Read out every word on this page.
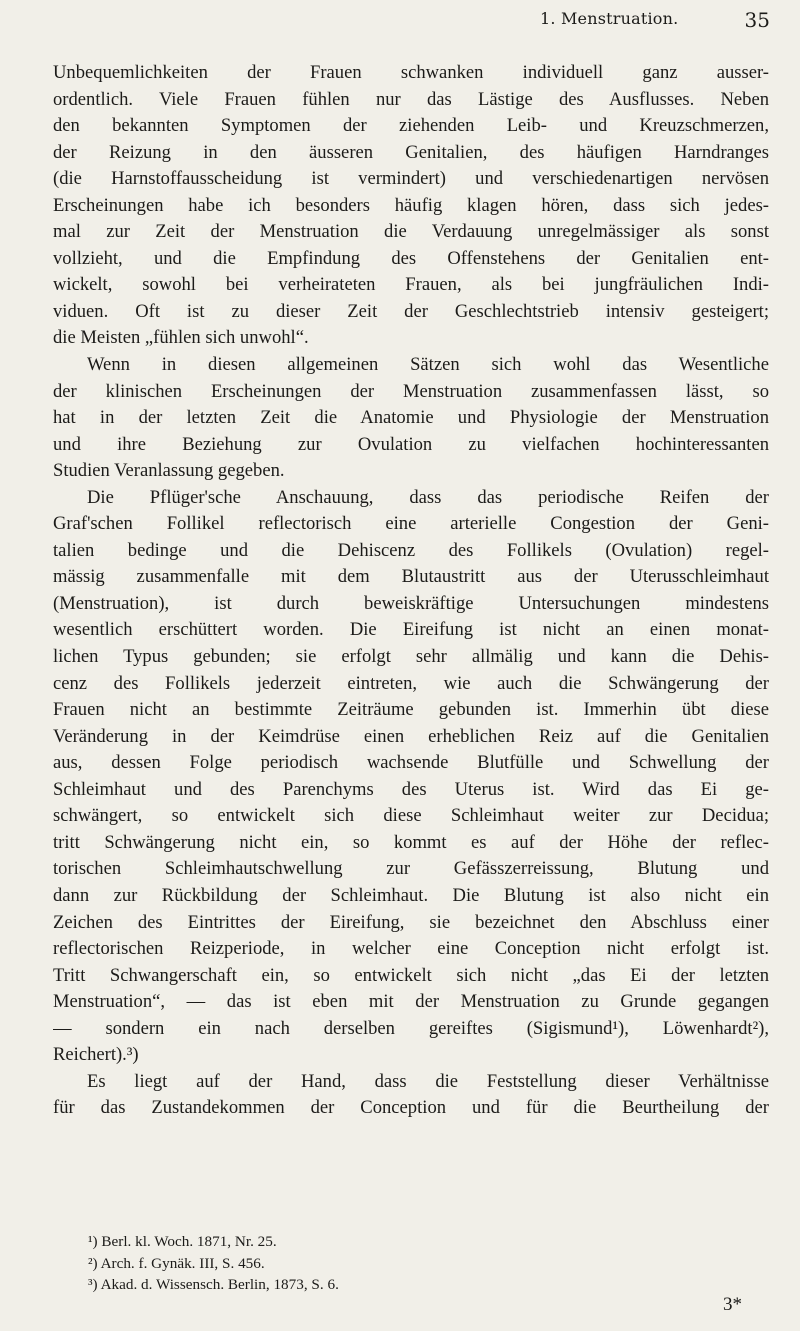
1. Menstruation.	35
Unbequemlichkeiten der Frauen schwanken individuell ganz ausser-
ordentlich. Viele Frauen fühlen nur das Lästige des Ausflusses. Neben
den bekannten Symptomen der ziehenden Leib- und Kreuzschmerzen,
der Reizung in den äusseren Genitalien, des häufigen Harndranges
(die Harnstoffausscheidung ist vermindert) und verschiedenartigen nervösen
Erscheinungen habe ich besonders häufig klagen hören, dass sich jedes-
mal zur Zeit der Menstruation die Verdauung unregelmässiger als sonst
vollzieht, und die Empfindung des Offenstehens der Genitalien ent-
wickelt, sowohl bei verheirateten Frauen, als bei jungfräulichen Indi-
viduen. Oft ist zu dieser Zeit der Geschlechtstrieb intensiv gesteigert;
die Meisten „fühlen sich unwohl“.
Wenn in diesen allgemeinen Sätzen sich wohl das Wesentliche
der klinischen Erscheinungen der Menstruation zusammenfassen lässt, so
hat in der letzten Zeit die Anatomie und Physiologie der Menstruation
und ihre Beziehung zur Ovulation zu vielfachen hochinteressanten
Studien Veranlassung gegeben.
Die Pflüger'sche Anschauung, dass das periodische Reifen der
Graf'schen Follikel reflectorisch eine arterielle Congestion der Geni-
talien bedinge und die Dehiscenz des Follikels (Ovulation) regel-
mässig zusammenfalle mit dem Blutaustritt aus der Uterusschleimhaut
(Menstruation), ist durch beweiskräftige Untersuchungen mindestens
wesentlich erschüttert worden. Die Eireifung ist nicht an einen monat-
lichen Typus gebunden; sie erfolgt sehr allmälig und kann die Dehis-
cenz des Follikels jederzeit eintreten, wie auch die Schwängerung der
Frauen nicht an bestimmte Zeiträume gebunden ist. Immerhin übt diese
Veränderung in der Keimdrüse einen erheblichen Reiz auf die Genitalien
aus, dessen Folge periodisch wachsende Blutfülle und Schwellung der
Schleimhaut und des Parenchyms des Uterus ist. Wird das Ei ge-
schwängert, so entwickelt sich diese Schleimhaut weiter zur Decidua;
tritt Schwängerung nicht ein, so kommt es auf der Höhe der reflec-
torischen Schleimhautschwellung zur Gefässzerreissung, Blutung und
dann zur Rückbildung der Schleimhaut. Die Blutung ist also nicht ein
Zeichen des Eintrittes der Eireifung, sie bezeichnet den Abschluss einer
reflectorischen Reizperiode, in welcher eine Conception nicht erfolgt ist.
Tritt Schwangerschaft ein, so entwickelt sich nicht „das Ei der letzten
Menstruation“, — das ist eben mit der Menstruation zu Grunde gegangen
— sondern ein nach derselben gereiftes (Sigismund¹), Löwenhardt²),
Reichert).³)
Es liegt auf der Hand, dass die Feststellung dieser Verhältnisse
für das Zustandekommen der Conception und für die Beurtheilung der
¹) Berl. kl. Woch. 1871, Nr. 25.
²) Arch. f. Gynäk. III, S. 456.
³) Akad. d. Wissensch. Berlin, 1873, S. 6.
3*
